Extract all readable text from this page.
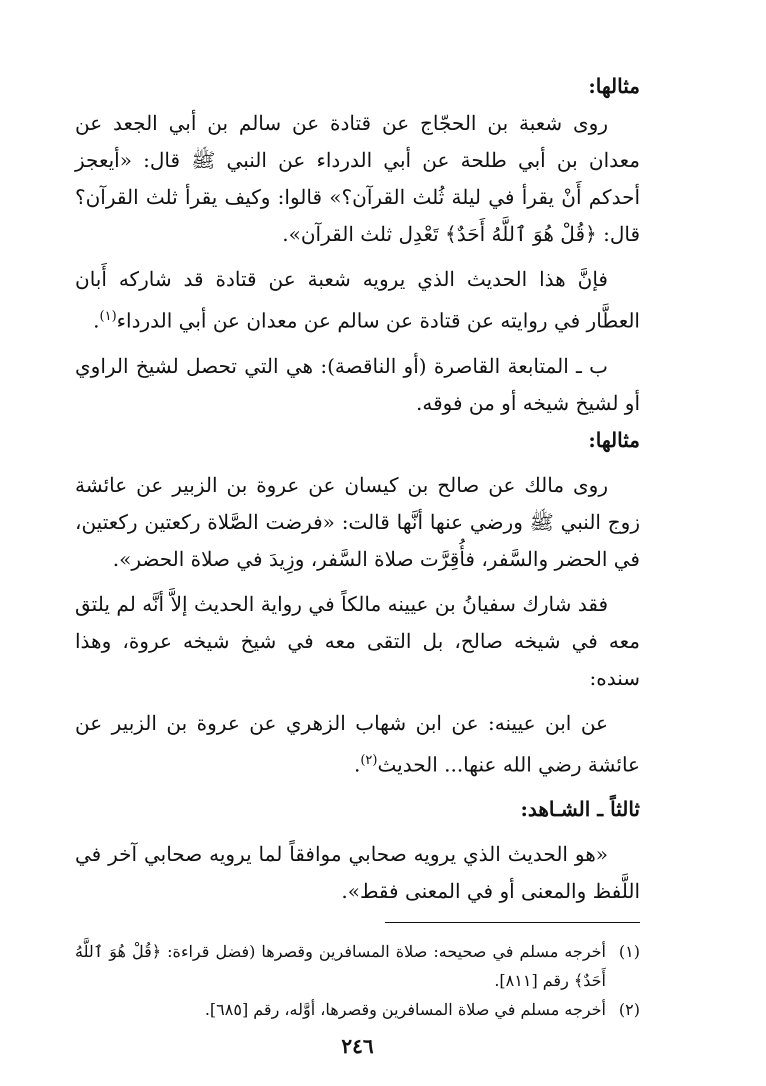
مثالها:

روى شعبة بن الحجّاج عن قتادة عن سالم بن أبي الجعد عن معدان بن أبي طلحة عن أبي الدرداء عن النبي ﷺ قال: «أيعجز أحدكم أَنْ يقرأ في ليلة ثُلث القرآن؟» قالوا: وكيف يقرأ ثلث القرآن؟ قال: ﴿قُلْ هُوَ ٱللَّهُ أَحَدٌ﴾ تَعْدِل ثلث القرآن».

فإنَّ هذا الحديث الذي يرويه شعبة عن قتادة قد شاركه أَبان العطَّار في روايته عن قتادة عن سالم عن معدان عن أبي الدرداء$^{(١)}$.

ب ـ المتابعة القاصرة (أو الناقصة): هي التي تحصل لشيخ الراوي أو لشيخ شيخه أو من فوقه.

مثالها:

روى مالك عن صالح بن كيسان عن عروة بن الزبير عن عائشة زوج النبي ﷺ ورضي عنها أنَّها قالت: «فرضت الصَّلاة ركعتين ركعتين، في الحضر والسَّفر، فأُقِرَّت صلاة السَّفر، وزِيدَ في صلاة الحضر».

فقد شارك سفيانُ بن عيينه مالكاً في رواية الحديث إلاَّ أنَّه لم يلتق معه في شيخه صالح، بل التقى معه في شيخ شيخه عروة، وهذا سنده:

عن ابن عيينه: عن ابن شهاب الزهري عن عروة بن الزبير عن عائشة رضي الله عنها... الحديث$^{(٢)}$.

ثالثاً ـ الشـاهد:

«هو الحديث الذي يرويه صحابي موافقاً لما يرويه صحابي آخر في اللَّفظ والمعنى أو في المعنى فقط».

(١)
أخرجه مسلم في صحيحه: صلاة المسافرين وقصرها (فضل قراءة: ﴿قُلْ هُوَ ٱللَّهُ أَحَدٌ﴾ رقم [٨١١].
(٢)
أخرجه مسلم في صلاة المسافرين وقصرها، أوَّله، رقم [٦٨٥].
٢٤٦
